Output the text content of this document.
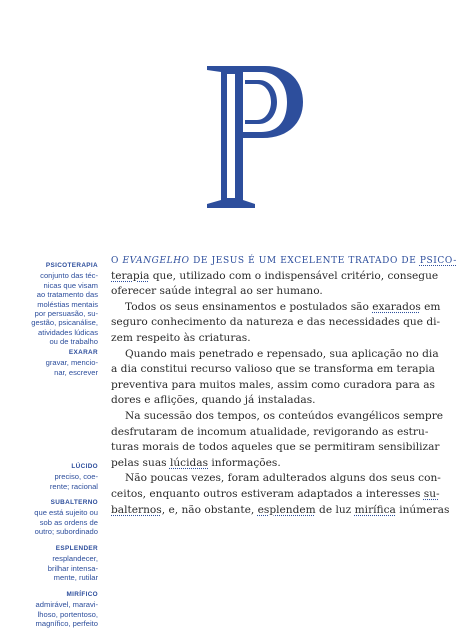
PSICOTERAPIA
conjunto das téc-
nicas que visam
ao tratamento das
moléstias mentais
por persuasão, su-
gestão, psicanálise,
atividades lúdicas
ou de trabalho
EXARAR
gravar, mencio-
nar, escrever
LÚCIDO
preciso, coe-
rente; racional
SUBALTERNO
que está sujeito ou
sob as ordens de
outro; subordinado
ESPLENDER
resplandecer,
brilhar intensa-
mente, rutilar
MIRÍFICO
admirável, maravi-
lhoso, portentoso,
magnífico, perfeito

O EVANGELHO DE JESUS É UM EXCELENTE TRATADO DE PSICO-

terapia que, utilizado com o indispensável critério, consegue

oferecer saúde integral ao ser humano.

Todos os seus ensinamentos e postulados são exarados em

seguro conhecimento da natureza e das necessidades que di-

zem respeito às criaturas.

Quando mais penetrado e repensado, sua aplicação no dia

a dia constitui recurso valioso que se transforma em terapia

preventiva para muitos males, assim como curadora para as

dores e aflições, quando já instaladas.

Na sucessão dos tempos, os conteúdos evangélicos sempre

desfrutaram de incomum atualidade, revigorando as estru-

turas morais de todos aqueles que se permitiram sensibilizar

pelas suas lúcidas informações.

Não poucas vezes, foram adulterados alguns dos seus con-

ceitos, enquanto outros estiveram adaptados a interesses su-

balternos, e, não obstante, esplendem de luz mirífica inúmeras
